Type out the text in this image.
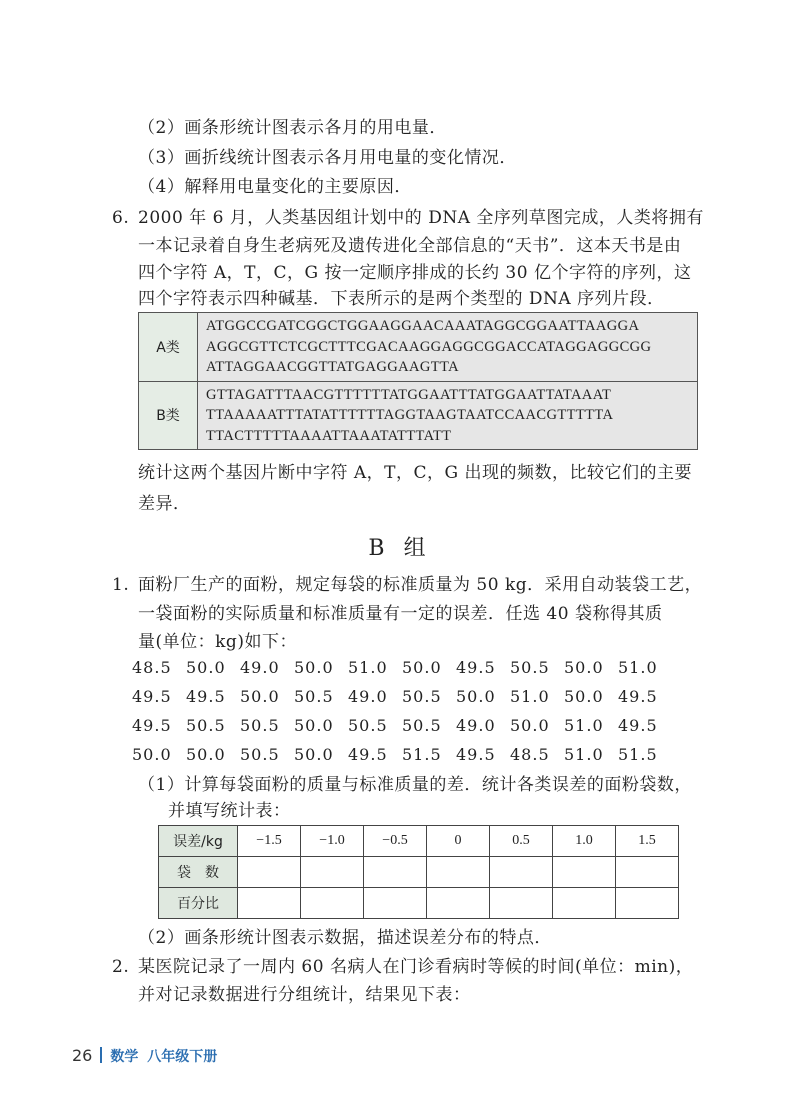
（2）画条形统计图表示各月的用电量．
（3）画折线统计图表示各月用电量的变化情况．
（4）解释用电量变化的主要原因．
6. 2000 年 6 月，人类基因组计划中的 DNA 全序列草图完成，人类将拥有
一本记录着自身生老病死及遗传进化全部信息的“天书”．这本天书是由
四个字符 A，T，C，G 按一定顺序排成的长约 30 亿个字符的序列，这
四个字符表示四种碱基．下表所示的是两个类型的 DNA 序列片段．
A类	ATGGCCGATCGGCTGGAAGGAACAAATAGGCGGAATTAAGGA
AGGCGTTCTCGCTTTCGACAAGGAGGCGGACCATAGGAGGCGG
ATTAGGAACGGTTATGAGGAAGTTA

B类	GTTAGATTTAACGTTTTTTATGGAATTTATGGAATTATAAAT
TTAAAAATTTATATTTTTTAGGTAAGTAATCCAACGTTTTTA
TTACTTTTTAAAATTAAATATTTATT
统计这两个基因片断中字符 A，T，C，G 出现的频数，比较它们的主要
差异．
B 组
1. 面粉厂生产的面粉，规定每袋的标准质量为 50 kg．采用自动装袋工艺，
一袋面粉的实际质量和标准质量有一定的误差．任选 40 袋称得其质
量(单位：kg)如下：
48.5 50.0 49.0 50.0 51.0 50.0 49.5 50.5 50.0 51.0
49.5 49.5 50.0 50.5 49.0 50.5 50.0 51.0 50.0 49.5
49.5 50.5 50.5 50.0 50.5 50.5 49.0 50.0 51.0 49.5
50.0 50.0 50.5 50.0 49.5 51.5 49.5 48.5 51.0 51.5
（1）计算每袋面粉的质量与标准质量的差．统计各类误差的面粉袋数，
并填写统计表：
误差/kg	−1.5	−1.0	−0.5	0	0.5	1.0	1.5
袋　数							
百分比							
（2）画条形统计图表示数据，描述误差分布的特点．
2. 某医院记录了一周内 60 名病人在门诊看病时等候的时间(单位：min)，
并对记录数据进行分组统计，结果见下表：
26 数学 八年级下册
